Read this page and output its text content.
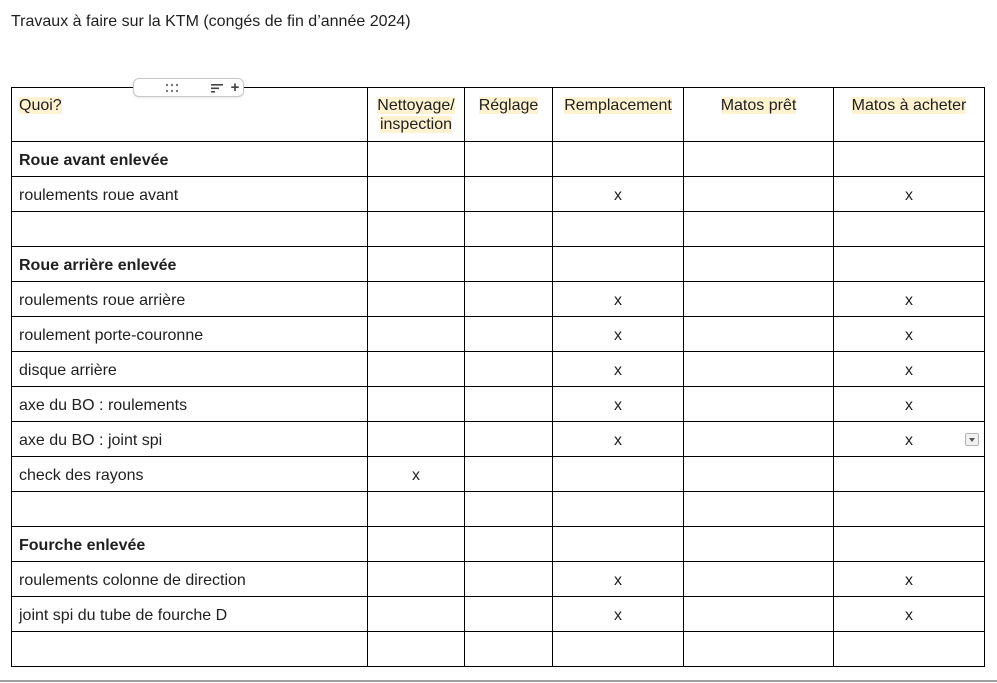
Travaux à faire sur la KTM (congés de fin d’année 2024)
Quoi?	Nettoyage/ inspection	Réglage	Remplacement	Matos prêt	Matos à acheter
Roue avant enlevée					
roulements roue avant			x		x

Roue arrière enlevée					
roulements roue arrière			x		x
roulement porte-couronne			x		x
disque arrière			x		x
axe du BO : roulements			x		x
axe du BO : joint spi			x		x
check des rayons	x				

Fourche enlevée					
roulements colonne de direction			x		x
joint spi du tube de fourche D			x		x

+
